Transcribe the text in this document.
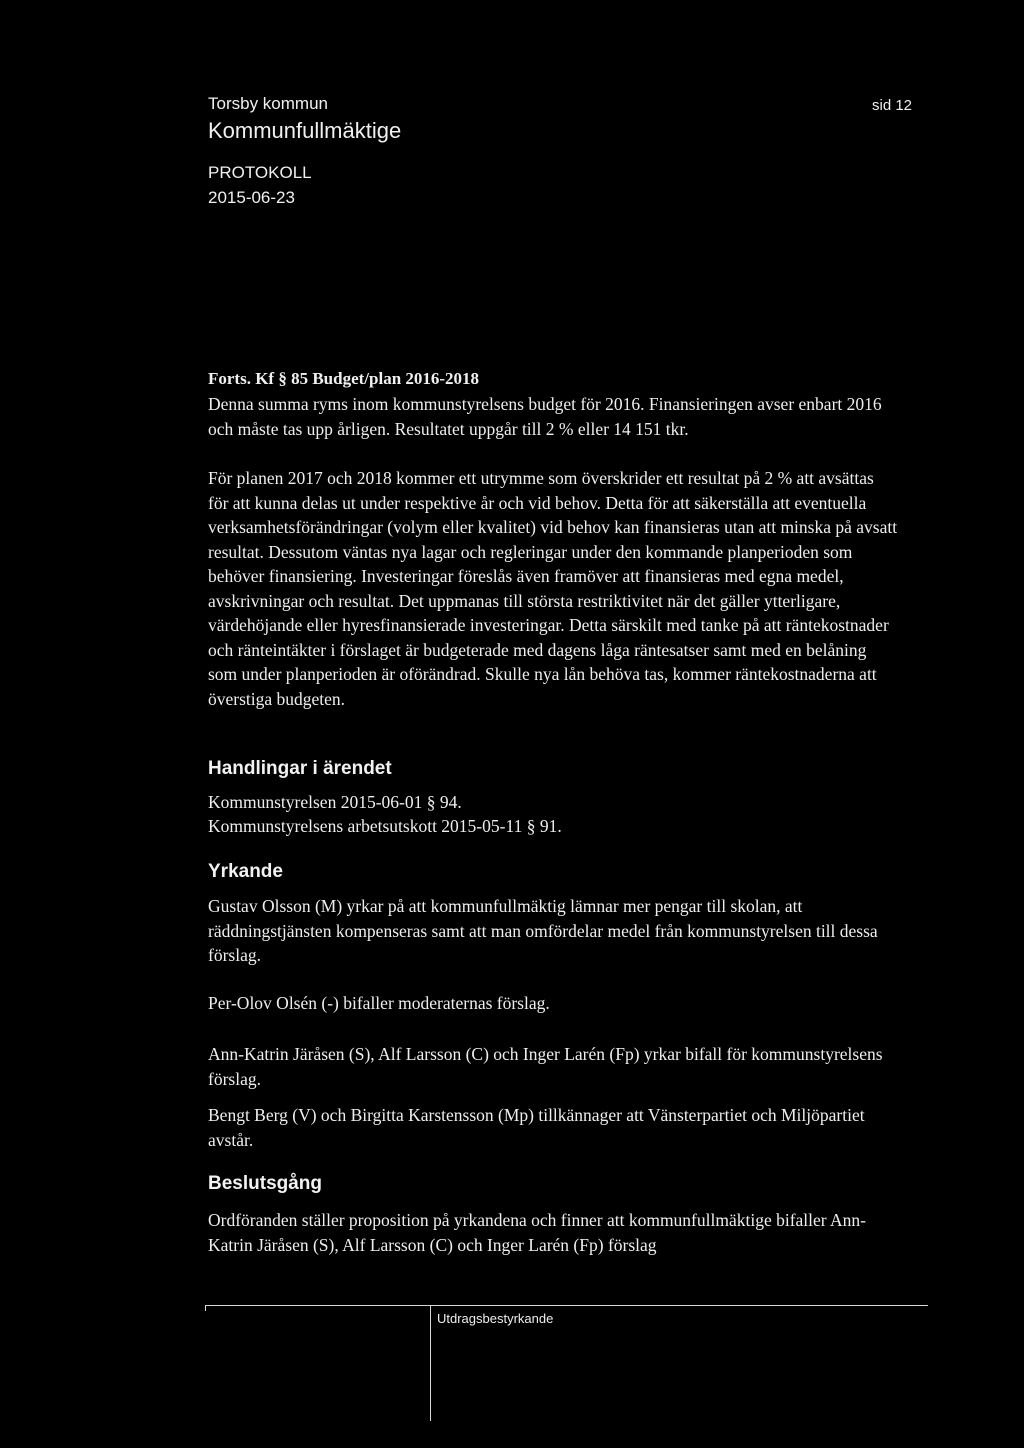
Torsby kommun	sid 12
Kommunfullmäktige
PROTOKOLL
2015-06-23
Forts. Kf § 85 Budget/plan 2016-2018

Denna summa ryms inom kommunstyrelsens budget för 2016. Finansieringen avser enbart 2016 och måste tas upp årligen. Resultatet uppgår till 2 % eller 14 151 tkr.

För planen 2017 och 2018 kommer ett utrymme som överskrider ett resultat på 2 % att avsättas för att kunna delas ut under respektive år och vid behov. Detta för att säkerställa att eventuella verksamhetsförändringar (volym eller kvalitet) vid behov kan finansieras utan att minska på avsatt resultat. Dessutom väntas nya lagar och regleringar under den kommande planperioden som behöver finansiering. Investeringar föreslås även framöver att finansieras med egna medel, avskrivningar och resultat. Det uppmanas till största restriktivitet när det gäller ytterligare, värdehöjande eller hyresfinansierade investeringar. Detta särskilt med tanke på att räntekostnader och ränteintäkter i förslaget är budgeterade med dagens låga räntesatser samt med en belåning som under planperioden är oförändrad. Skulle nya lån behöva tas, kommer räntekostnaderna att överstiga budgeten.

Handlingar i ärendet

Kommunstyrelsen 2015-06-01 § 94.

Kommunstyrelsens arbetsutskott 2015-05-11 § 91.

Yrkande

Gustav Olsson (M) yrkar på att kommunfullmäktig lämnar mer pengar till skolan, att räddningstjänsten kompenseras samt att man omfördelar medel från kommunstyrelsen till dessa förslag.

Per-Olov Olsén (-) bifaller moderaternas förslag.

Ann-Katrin Järåsen (S), Alf Larsson (C) och Inger Larén (Fp) yrkar bifall för kommunstyrelsens förslag.

Bengt Berg (V) och Birgitta Karstensson (Mp) tillkännager att Vänsterpartiet och Miljöpartiet avstår.

Beslutsgång

Ordföranden ställer proposition på yrkandena och finner att kommunfullmäktige bifaller Ann-Katrin Järåsen (S), Alf Larsson (C) och Inger Larén (Fp) förslag

Utdragsbestyrkande
